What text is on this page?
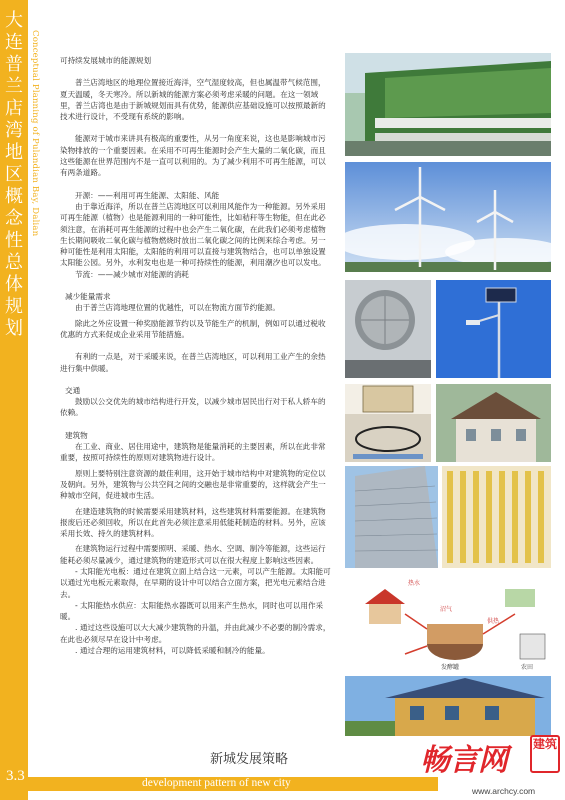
大连普兰店湾地区概念性总体规划
3.3
Conceptual Planning of Pulandian Bay, Dalian	可持续发展城市的能源规划

普兰店湾地区的地理位置接近海洋，空气湿度较高，但也属温带气候范围，夏天温暖，冬天寒冷。所以新城的能源方案必须考虑采暖的问题。在这一领域里，普兰店湾也是由于新城规划而具有优势，能源供应基础设施可以按照最新的技术进行设计，不受现有系统的影响。

能源对于城市来讲具有极高的重要性，从另一角度来说，这也是影响城市污染物排放的一个重要因素。在采用不可再生能源时会产生大量的二氧化碳，而且这些能源在世界范围内不是一直可以利用的。为了减少利用不可再生能源，可以有两条道路。

开源：——利用可再生能源、太阳能、风能

由于靠近海洋，所以在普兰店湾地区可以利用风能作为一种能源。另外采用可再生能源（植物）也是能源利用的一种可能性，比如秸秆等生物能，但在此必须注意，在消耗可再生能源的过程中也会产生二氧化碳，在此我们必须考虑植物生长期间吸收二氧化碳与植物燃烧时放出二氧化碳之间的比例来综合考虑。另一种可能性是利用太阳能，太阳能的利用可以直接与建筑物结合，也可以单独设置太阳能公园。另外，水利发电也是一种可持续性的能源，利用潮汐也可以发电。

节流：——减少城市对能源的消耗

减少能量需求

由于普兰店湾地理位置的优越性，可以在物流方面节约能源。

除此之外应设置一种奖励能源节约以及节能生产的机制，例如可以通过税收优惠的方式来促成企业采用节能措施。

有利的一点是，对于采暖来说，在普兰店湾地区，可以利用工业产生的余热进行集中供暖。

交通

鼓励以公交优先的城市结构进行开发，以减少城市居民出行对于私人轿车的依赖。

建筑物

在工业、商业、居住用途中，建筑物是能量消耗的主要因素，所以在此非常重要，按照可持续性的原则对建筑物进行设计。

原则上要特别注意资源的最佳利用，这开始于城市结构中对建筑物的定位以及朝向。另外，建筑物与公共空间之间的交融也是非常重要的，这样就会产生一种城市空间，促进城市生活。

在建造建筑物的时候需要采用建筑材料，这些建筑材料需要能源。在建筑物报废后还必须回收，所以在此首先必须注意采用低能耗制造的材料。另外，应该采用长效、持久的建筑材料。

在建筑物运行过程中需要照明、采暖、热水、空调、制冷等能源，这些运行能耗必须尽量减少，通过建筑物的建造形式可以在很大程度上影响这些因素。

- 太阳能光电板：通过在建筑立面上结合这一元素，可以产生能源。太阳能可以通过光电板元素取得，在早期的设计中可以结合立面方案，把光电元素结合进去。

- 太阳能热水供应：太阳能热水器既可以用来产生热水，同时也可以用作采暖。

. 通过这些设施可以大大减少建筑物的升温，并由此减少不必要的制冷需求，在此也必须尽早在设计中考虑。

. 通过合理的运用建筑材料，可以降低采暖和制冷的能量。

热水
沼气
供热
发酵罐	农田
新城发展策略
development pattern of new city
畅言网 建筑
www.archcy.com
